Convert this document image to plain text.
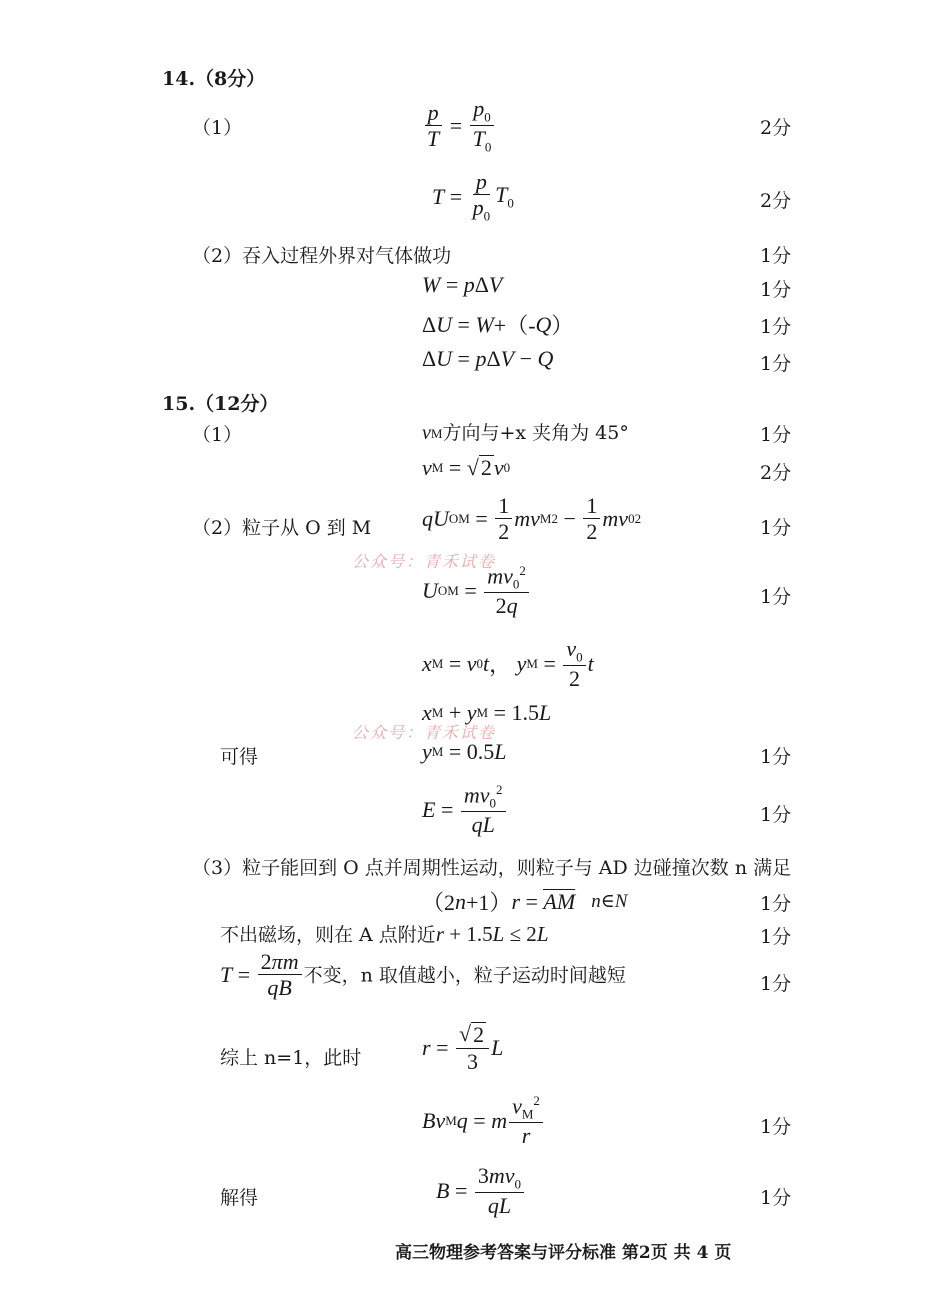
14.（8分）
（1）	$\frac{p}{T} = \frac{p_0}{T_0}$	2分
$T = \frac{p}{p_0} T_0$	2分
（2）吞入过程外界对气体做功	1分
W = p Δ V	1分
Δ U = W +（- Q ）	1分
Δ U = p Δ V − Q	1分
15.（12分）
（1）	v M 方向与+x 夹角为 45°	1分
v M = √ 2 v 0	2分
（2）粒子从 O 到 M qU OM = $\frac{1}{2}$ mv M $2 - \frac{1}{2}$ mv 0 2	1分
公众号：青禾试卷
U OM = $\frac{mv_0^2}{2q}$	1分
x M = v 0 t ， y $M = \frac{v_0}{2}$ t
x M + y M = 1.5 L
公众号：青禾试卷
可得	y M = 0.5 L	1分
$E = \frac{mv_0^2}{qL}$	1分
（3）粒子能回到 O 点并周期性运动，则粒子与 AD 边碰撞次数 n 满足
（2 n +1） r = AM n∈N	1分
不出磁场，则在 A 点附近r + 1.5 L ≤ 2 L	1分
$T = \frac{2\pi m}{qB}$ 不变，n 取值越小，粒子运动时间越短	1分
综上 n=1，此时	$r = \frac{√ 2}{3}$ L
Bv M q = m $\frac{v_M^2}{r}$	1分
解得	$B = \frac{3mv_0}{qL}$	1分
高三物理参考答案与评分标准 第2页 共 4 页
